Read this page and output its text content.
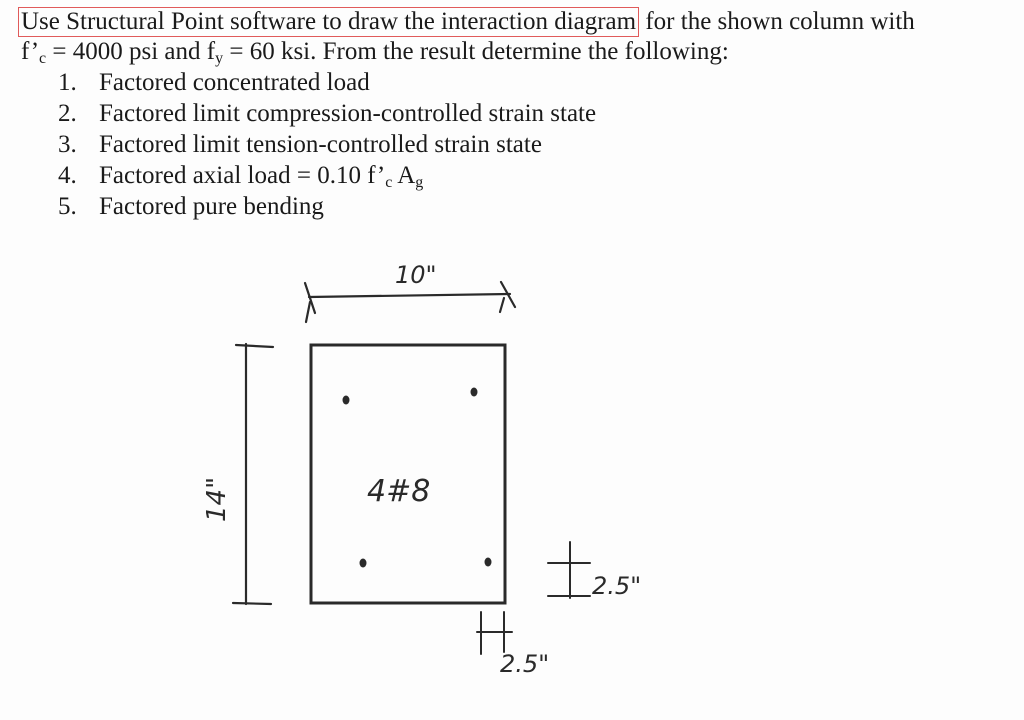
Use Structural Point software to draw the interaction diagram for the shown column with
$f’_c = 4000$ psi and $f_y = 60$ ksi. From the result determine the following:
1. Factored concentrated load
2. Factored limit compression-controlled strain state
3. Factored limit tension-controlled strain state
4. Factored axial load = 0.10 $f’_c$ $A_g$
5. Factored pure bending
10"
14"	4#8
2.5"
2.5"
